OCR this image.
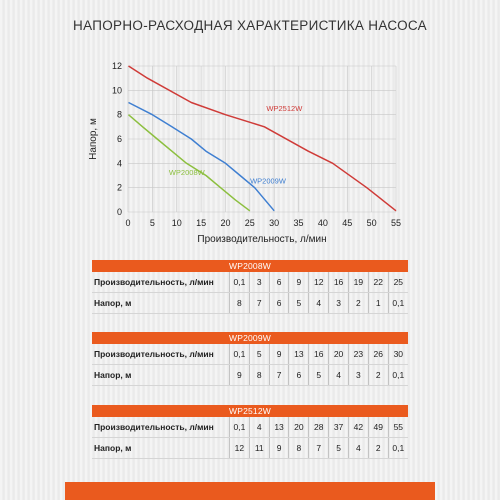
НАПОРНО-РАСХОДНАЯ ХАРАКТЕРИСТИКА НАСОСА
0 5 10 15 20 25 30 35 40 45 50 55
0
2
4
6
8
10
12
Производительность, л/мин
Напор, м
WP2008W
WP2009W
WP2512W
WP2008W
Производительность, л/мин	0,1	3	6	9	12	16	19	22	25
Напор, м	8	7	6	5	4	3	2	1	0,1
WP2009W
Производительность, л/мин	0,1	5	9	13	16	20	23	26	30
Напор, м	9	8	7	6	5	4	3	2	0,1
WP2512W
Производительность, л/мин	0,1	4	13	20	28	37	42	49	55
Напор, м	12	11	9	8	7	5	4	2	0,1
